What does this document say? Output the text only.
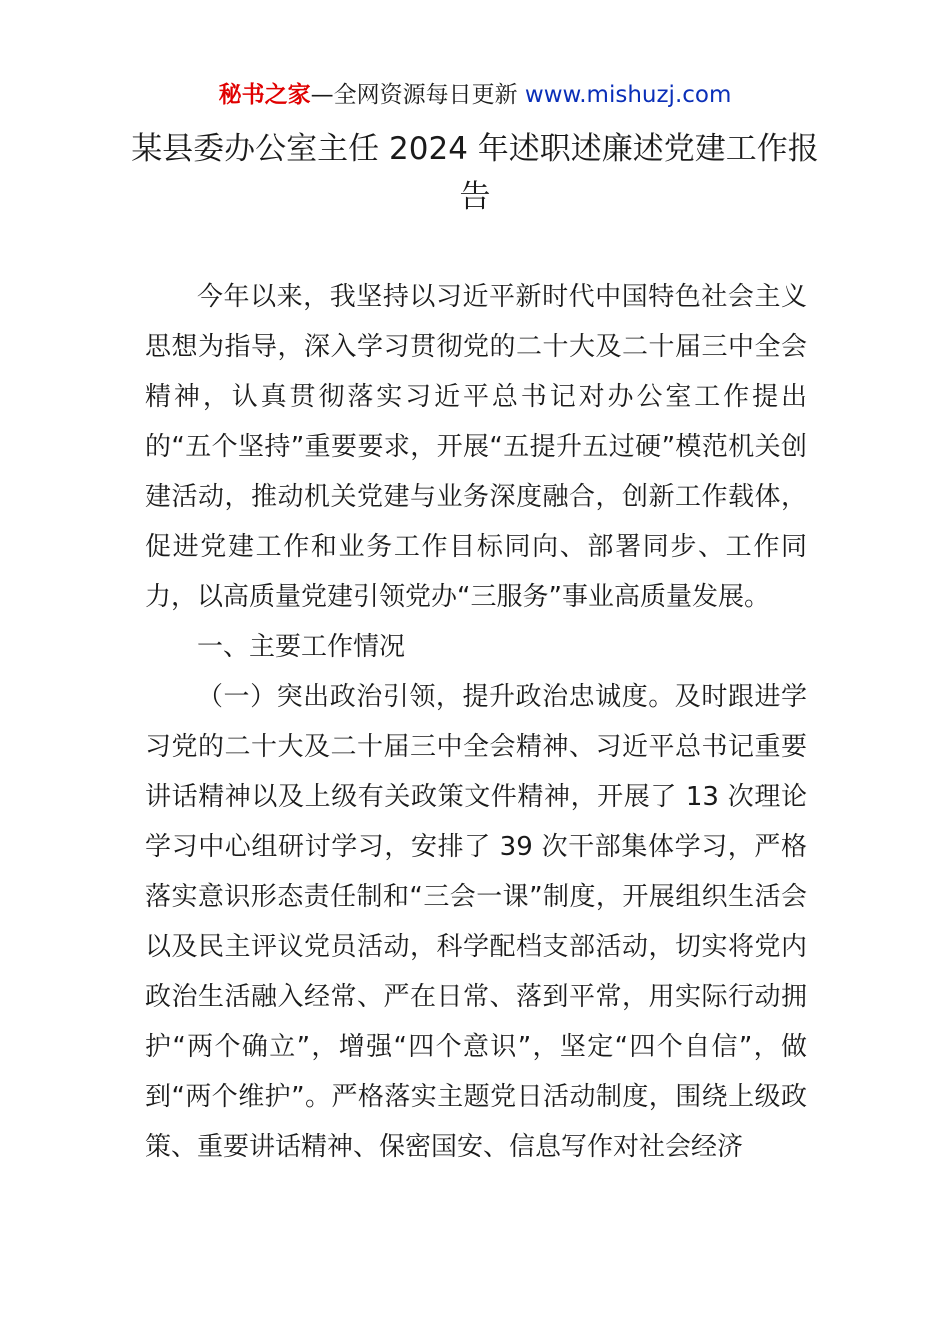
秘书之家—全网资源每日更新 www.mishuzj.com
某县委办公室主任 2024 年述职述廉述党建工作报告

今年以来，我坚持以习近平新时代中国特色社会主义思想为指导，深入学习贯彻党的二十大及二十届三中全会精神，认真贯彻落实习近平总书记对办公室工作提出的“五个坚持”重要要求，开展“五提升五过硬”模范机关创建活动，推动机关党建与业务深度融合，创新工作载体，促进党建工作和业务工作目标同向、部署同步、工作同力，以高质量党建引领党办“三服务”事业高质量发展。

一、主要工作情况

（一）突出政治引领，提升政治忠诚度。及时跟进学习党的二十大及二十届三中全会精神、习近平总书记重要讲话精神以及上级有关政策文件精神，开展了 13 次理论学习中心组研讨学习，安排了 39 次干部集体学习，严格落实意识形态责任制和“三会一课”制度，开展组织生活会以及民主评议党员活动，科学配档支部活动，切实将党内政治生活融入经常、严在日常、落到平常，用实际行动拥护“两个确立”，增强“四个意识”，坚定“四个自信”，做到“两个维护”。严格落实主题党日活动制度，围绕上级政策、重要讲话精神、保密国安、信息写作对社会经济
